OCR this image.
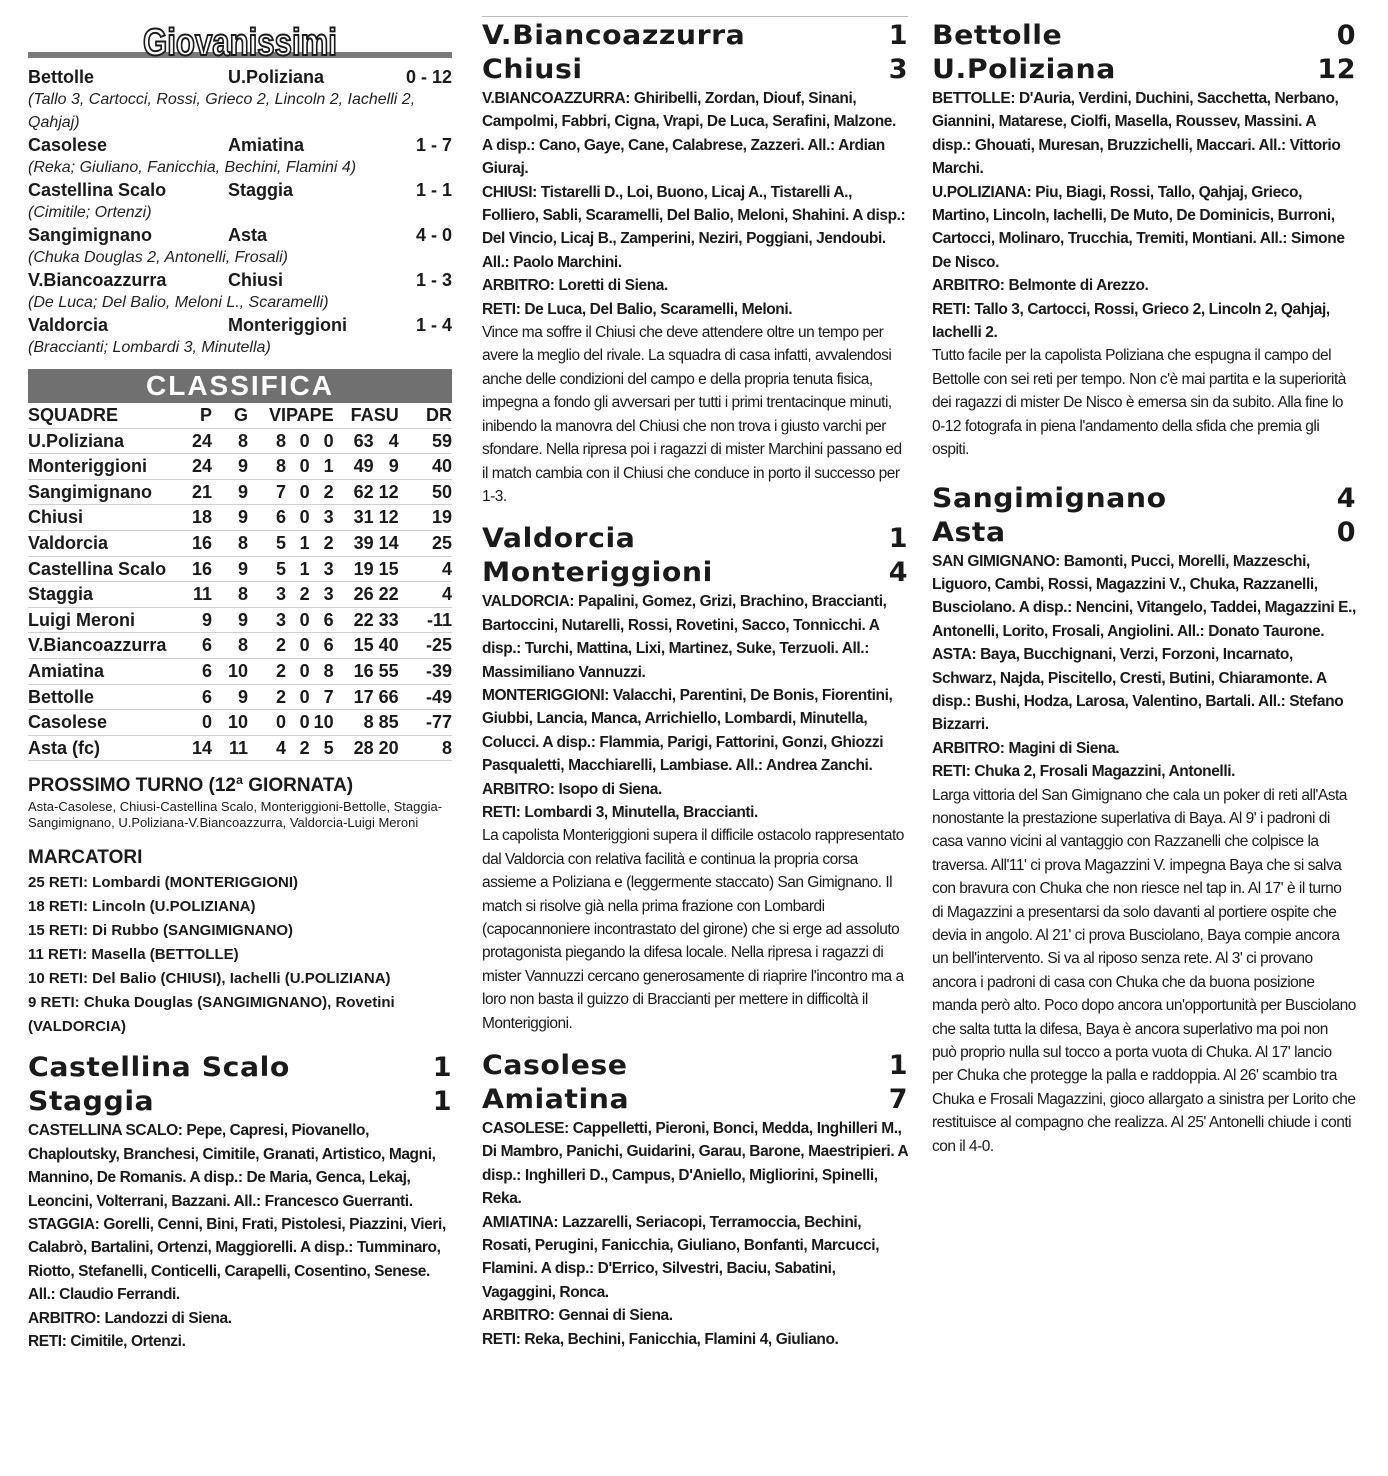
Giovanissimi
Bettolle	U.Poliziana	0 - 12
(Tallo 3, Cartocci, Rossi, Grieco 2, Lincoln 2, Iachelli 2, Qahjaj)
Casolese	Amiatina	1 - 7
(Reka; Giuliano, Fanicchia, Bechini, Flamini 4)
Castellina Scalo	Staggia	1 - 1
(Cimitile; Ortenzi)
Sangimignano	Asta	4 - 0
(Chuka Douglas 2, Antonelli, Frosali)
V.Biancoazzurra	Chiusi	1 - 3
(De Luca; Del Balio, Meloni L., Scaramelli)
Valdorcia	Monteriggioni	1 - 4
(Braccianti; Lombardi 3, Minutella)
CLASSIFICA
SQUADRE	P	G	VI	PA	PE	FA	SU	DR
U.Poliziana	24	8	8	0	0	63	4	59
Monteriggioni	24	9	8	0	1	49	9	40
Sangimignano	21	9	7	0	2	62	12	50
Chiusi	18	9	6	0	3	31	12	19
Valdorcia	16	8	5	1	2	39	14	25
Castellina Scalo	16	9	5	1	3	19	15	4
Staggia	11	8	3	2	3	26	22	4
Luigi Meroni	9	9	3	0	6	22	33	-11
V.Biancoazzurra	6	8	2	0	6	15	40	-25
Amiatina	6	10	2	0	8	16	55	-39
Bettolle	6	9	2	0	7	17	66	-49
Casolese	0	10	0	0	10	8	85	-77
Asta (fc)	14	11	4	2	5	28	20	8
PROSSIMO TURNO (12ª GIORNATA)
Asta-Casolese, Chiusi-Castellina Scalo, Monteriggioni-Bettolle, Staggia-Sangimignano, U.Poliziana-V.Biancoazzurra, Valdorcia-Luigi Meroni
MARCATORI
25 RETI: Lombardi (MONTERIGGIONI)
18 RETI: Lincoln (U.POLIZIANA)
15 RETI: Di Rubbo (SANGIMIGNANO)
11 RETI: Masella (BETTOLLE)
10 RETI: Del Balio (CHIUSI), Iachelli (U.POLIZIANA)
9 RETI: Chuka Douglas (SANGIMIGNANO), Rovetini (VALDORCIA)
Castellina Scalo	1
Staggia	1
CASTELLINA SCALO: Pepe, Capresi, Piovanello, Chaploutsky, Branchesi, Cimitile, Granati, Artistico, Magni, Mannino, De Romanis. A disp.: De Maria, Genca, Lekaj, Leoncini, Volterrani, Bazzani. All.: Francesco Guerranti.
STAGGIA: Gorelli, Cenni, Bini, Frati, Pistolesi, Piazzini, Vieri, Calabrò, Bartalini, Ortenzi, Maggiorelli. A disp.: Tumminaro, Riotto, Stefanelli, Conticelli, Carapelli, Cosentino, Senese. All.: Claudio Ferrandi.
ARBITRO: Landozzi di Siena.
RETI: Cimitile, Ortenzi.
V.Biancoazzurra	1
Chiusi	3
V.BIANCOAZZURRA: Ghiribelli, Zordan, Diouf, Sinani, Campolmi, Fabbri, Cigna, Vrapi, De Luca, Serafini, Malzone. A disp.: Cano, Gaye, Cane, Calabrese, Zazzeri. All.: Ardian Giuraj.
CHIUSI: Tistarelli D., Loi, Buono, Licaj A., Tistarelli A., Folliero, Sabli, Scaramelli, Del Balio, Meloni, Shahini. A disp.: Del Vincio, Licaj B., Zamperini, Neziri, Poggiani, Jendoubi. All.: Paolo Marchini.
ARBITRO: Loretti di Siena.
RETI: De Luca, Del Balio, Scaramelli, Meloni.
Vince ma soffre il Chiusi che deve attendere oltre un tempo per avere la meglio del rivale. La squadra di casa infatti, avvalendosi anche delle condizioni del campo e della propria tenuta fisica, impegna a fondo gli avversari per tutti i primi trentacinque minuti, inibendo la manovra del Chiusi che non trova i giusto varchi per sfondare. Nella ripresa poi i ragazzi di mister Marchini passano ed il match cambia con il Chiusi che conduce in porto il successo per 1-3.
Valdorcia	1
Monteriggioni	4
VALDORCIA: Papalini, Gomez, Grizi, Brachino, Braccianti, Bartoccini, Nutarelli, Rossi, Rovetini, Sacco, Tonnicchi. A disp.: Turchi, Mattina, Lixi, Martinez, Suke, Terzuoli. All.: Massimiliano Vannuzzi.
MONTERIGGIONI: Valacchi, Parentini, De Bonis, Fiorentini, Giubbi, Lancia, Manca, Arrichiello, Lombardi, Minutella, Colucci. A disp.: Flammia, Parigi, Fattorini, Gonzi, Ghiozzi Pasqualetti, Macchiarelli, Lambiase. All.: Andrea Zanchi.
ARBITRO: Isopo di Siena.
RETI: Lombardi 3, Minutella, Braccianti.
La capolista Monteriggioni supera il difficile ostacolo rappresentato dal Valdorcia con relativa facilità e continua la propria corsa assieme a Poliziana e (leggermente staccato) San Gimignano. Il match si risolve già nella prima frazione con Lombardi (capocannoniere incontrastato del girone) che si erge ad assoluto protagonista piegando la difesa locale. Nella ripresa i ragazzi di mister Vannuzzi cercano generosamente di riaprire l'incontro ma a loro non basta il guizzo di Braccianti per mettere in difficoltà il Monteriggioni.
Casolese	1
Amiatina	7
CASOLESE: Cappelletti, Pieroni, Bonci, Medda, Inghilleri M., Di Mambro, Panichi, Guidarini, Garau, Barone, Maestripieri. A disp.: Inghilleri D., Campus, D'Aniello, Migliorini, Spinelli, Reka.
AMIATINA: Lazzarelli, Seriacopi, Terramoccia, Bechini, Rosati, Perugini, Fanicchia, Giuliano, Bonfanti, Marcucci, Flamini. A disp.: D'Errico, Silvestri, Baciu, Sabatini, Vagaggini, Ronca.
ARBITRO: Gennai di Siena.
RETI: Reka, Bechini, Fanicchia, Flamini 4, Giuliano.
Bettolle	0
U.Poliziana	12
BETTOLLE: D'Auria, Verdini, Duchini, Sacchetta, Nerbano, Giannini, Matarese, Ciolfi, Masella, Roussev, Massini. A disp.: Ghouati, Muresan, Bruzzichelli, Maccari. All.: Vittorio Marchi.
U.POLIZIANA: Piu, Biagi, Rossi, Tallo, Qahjaj, Grieco, Martino, Lincoln, Iachelli, De Muto, De Dominicis, Burroni, Cartocci, Molinaro, Trucchia, Tremiti, Montiani. All.: Simone De Nisco.
ARBITRO: Belmonte di Arezzo.
RETI: Tallo 3, Cartocci, Rossi, Grieco 2, Lincoln 2, Qahjaj, Iachelli 2.
Tutto facile per la capolista Poliziana che espugna il campo del Bettolle con sei reti per tempo. Non c'è mai partita e la superiorità dei ragazzi di mister De Nisco è emersa sin da subito. Alla fine lo 0-12 fotografa in piena l'andamento della sfida che premia gli ospiti.
Sangimignano	4
Asta	0
SAN GIMIGNANO: Bamonti, Pucci, Morelli, Mazzeschi, Liguoro, Cambi, Rossi, Magazzini V., Chuka, Razzanelli, Busciolano. A disp.: Nencini, Vitangelo, Taddei, Magazzini E., Antonelli, Lorito, Frosali, Angiolini. All.: Donato Taurone.
ASTA: Baya, Bucchignani, Verzi, Forzoni, Incarnato, Schwarz, Najda, Piscitello, Cresti, Butini, Chiaramonte. A disp.: Bushi, Hodza, Larosa, Valentino, Bartali. All.: Stefano Bizzarri.
ARBITRO: Magini di Siena.
RETI: Chuka 2, Frosali Magazzini, Antonelli.
Larga vittoria del San Gimignano che cala un poker di reti all'Asta nonostante la prestazione superlativa di Baya. Al 9' i padroni di casa vanno vicini al vantaggio con Razzanelli che colpisce la traversa. All'11' ci prova Magazzini V. impegna Baya che si salva con bravura con Chuka che non riesce nel tap in. Al 17' è il turno di Magazzini a presentarsi da solo davanti al portiere ospite che devia in angolo. Al 21' ci prova Busciolano, Baya compie ancora un bell'intervento. Si va al riposo senza rete. Al 3' ci provano ancora i padroni di casa con Chuka che da buona posizione manda però alto. Poco dopo ancora un'opportunità per Busciolano che salta tutta la difesa, Baya è ancora superlativo ma poi non può proprio nulla sul tocco a porta vuota di Chuka. Al 17' lancio per Chuka che protegge la palla e raddoppia. Al 26' scambio tra Chuka e Frosali Magazzini, gioco allargato a sinistra per Lorito che restituisce al compagno che realizza. Al 25' Antonelli chiude i conti con il 4-0.
